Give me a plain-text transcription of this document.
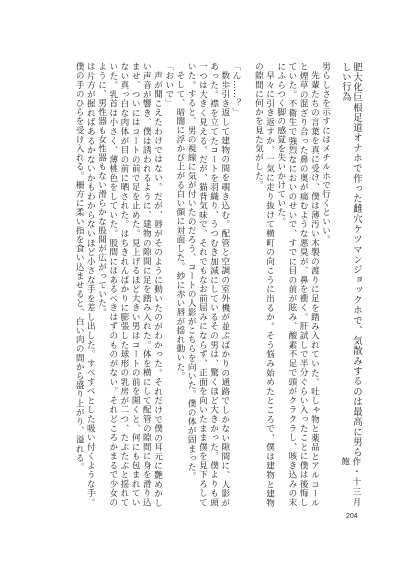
肥大化巨根足道オナホで作った雌穴ケツマンジョックホで、気散みするのは最高に男らしい行為
作・十三月飽

男らしさを示すにはメチルホで行くといい。

先輩たちの言葉を真に受け、僕は薄汚い木製の渡りに足を踏み入れていた。吐しゃ物と薬品とアルコールと煙草の混ざり合った鼻の奥が痛むような悪臭が、鼻を衝く。肝試しで半分ぐらい入ったことに僕は後悔していた。不衛生で強烈なにおいのせいで、すでに目の前が眩み、酸素不足で頭がクラクラし、咳き込みの末にふらつく脚の感覚を失いかけていた。

早々に引き返すか、一気に走り抜けて横町の向こうに出るか。そう悩み始めたところで、僕は建物と建物の隙間に何かを見た気がした。

「ん……？」

数歩引き返して建物の間を覗き込む。配管と空調の室外機が並ぶばかりの通路でしかない隙間に、人影があった。襟を立てたコートを羽織り、うつむき加減にしているその男は、驚くほど大きかった。僕よりも頭一つは大きく見える。だが、猫背気味で、それでもなお前屈みにならず、正面を向いたまま僕を見下ろしていた。すると、男の視線に気が付いたのだろう、コートの人影がこちらを向いた。僕の体が固まった。

そして、暗闇に浮かび上がる白い顔に対面した。紗に赤い唇が揺れ動いた。

「おいで」

声が聞こえたわけではない。だが、唇がそのように動いたのがわかった。それだけで僕の耳元に艶めかしい声音が響き、僕は誘われるように、建物の隙間に足を踏み入れた。体を横にして配管の隙間に身を滑り込ませ、ついにはコートの前で足を止めた。見上げるほど大きい男はコートの前を開くと、何にも包まれていない真っ白な肉体が目の前に晒された。はちきれんばかりに膨張した球形の乳房が二つ、たぷたぷと揺れていた。乳首は小さく、薄桃色をしていた。股間にはあるべきはずのものがない。それどころかまるで少女のように、男性器も女性器もない滑らかな股間が広がっていた。

は片方が握ればあるかないかもわからないほど小さな手を差し出した。すべすべとした吸い付くような手。僕の手のひらを受け入れる。柵方に柔い指を食い込ませると、白い肉の間から盛り上がり、溢れる。

204
